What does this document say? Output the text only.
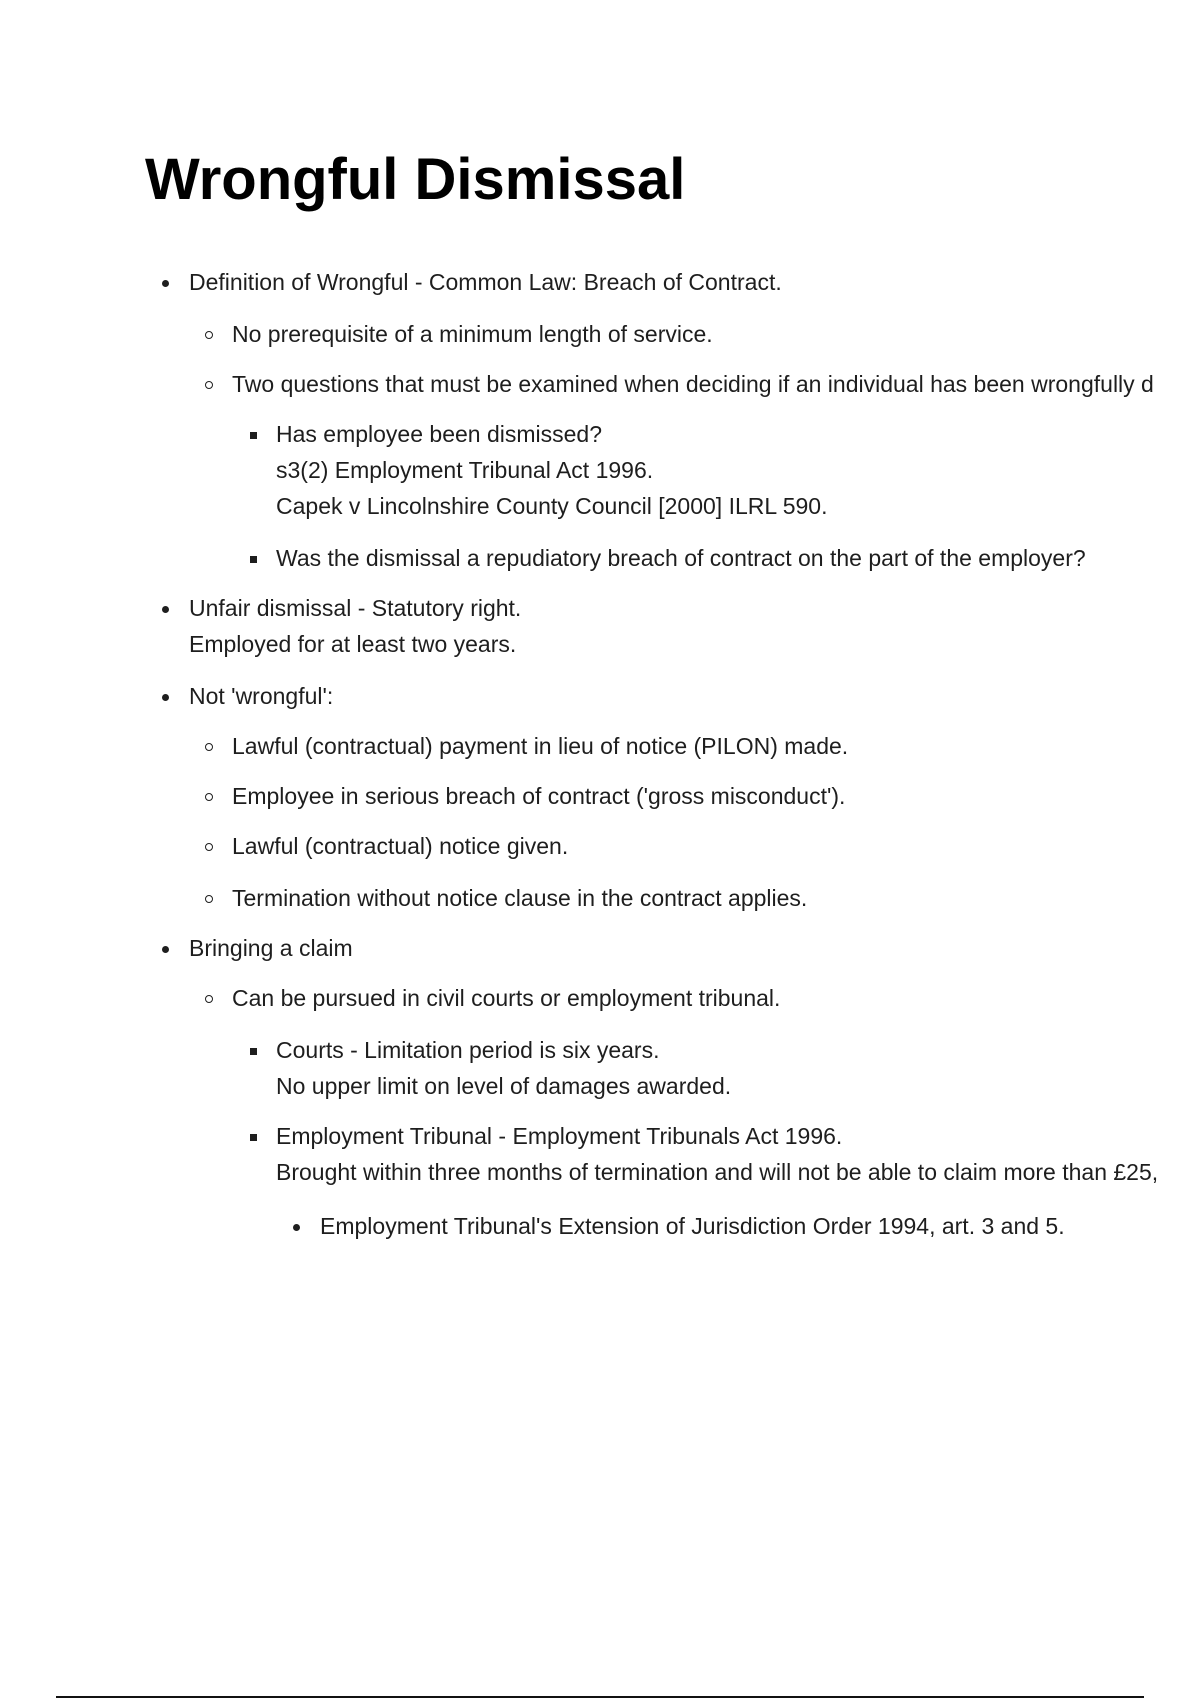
Wrongful Dismissal
Definition of Wrongful - Common Law: Breach of Contract.
No prerequisite of a minimum length of service.
Two questions that must be examined when deciding if an individual has been wrongfully d
Has employee been dismissed?
s3(2) Employment Tribunal Act 1996.
Capek v Lincolnshire County Council [2000] ILRL 590.
Was the dismissal a repudiatory breach of contract on the part of the employer?
Unfair dismissal - Statutory right.
Employed for at least two years.
Not 'wrongful':
Lawful (contractual) payment in lieu of notice (PILON) made.
Employee in serious breach of contract ('gross misconduct').
Lawful (contractual) notice given.
Termination without notice clause in the contract applies.
Bringing a claim
Can be pursued in civil courts or employment tribunal.
Courts - Limitation period is six years.
No upper limit on level of damages awarded.
Employment Tribunal - Employment Tribunals Act 1996.
Brought within three months of termination and will not be able to claim more than £25,
Employment Tribunal's Extension of Jurisdiction Order 1994, art. 3 and 5.
